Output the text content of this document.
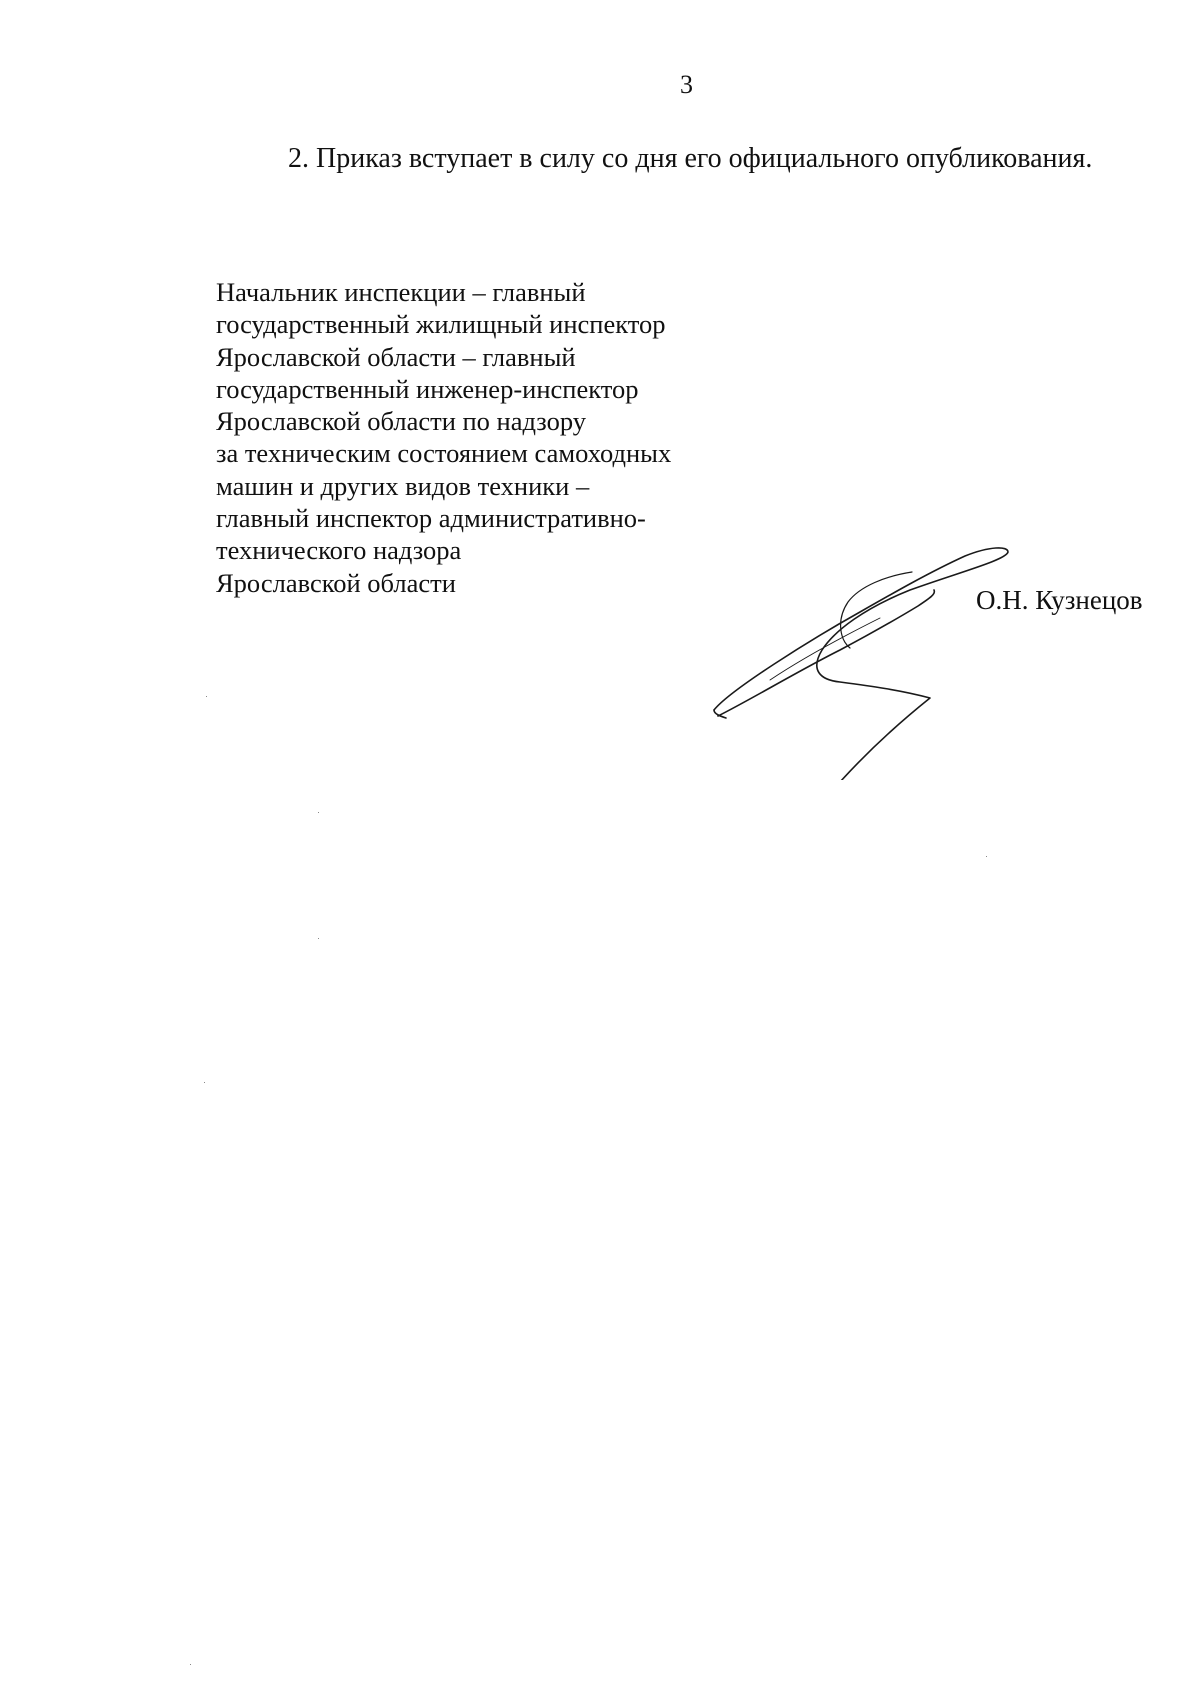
3
2. Приказ вступает в силу со дня его официального опубликования.
Начальник инспекции – главный
государственный жилищный инспектор
Ярославской области – главный
государственный инженер-инспектор
Ярославской области по надзору
за техническим состоянием самоходных
машин и других видов техники –
главный инспектор административно-
технического надзора
Ярославской области
О.Н. Кузнецов
